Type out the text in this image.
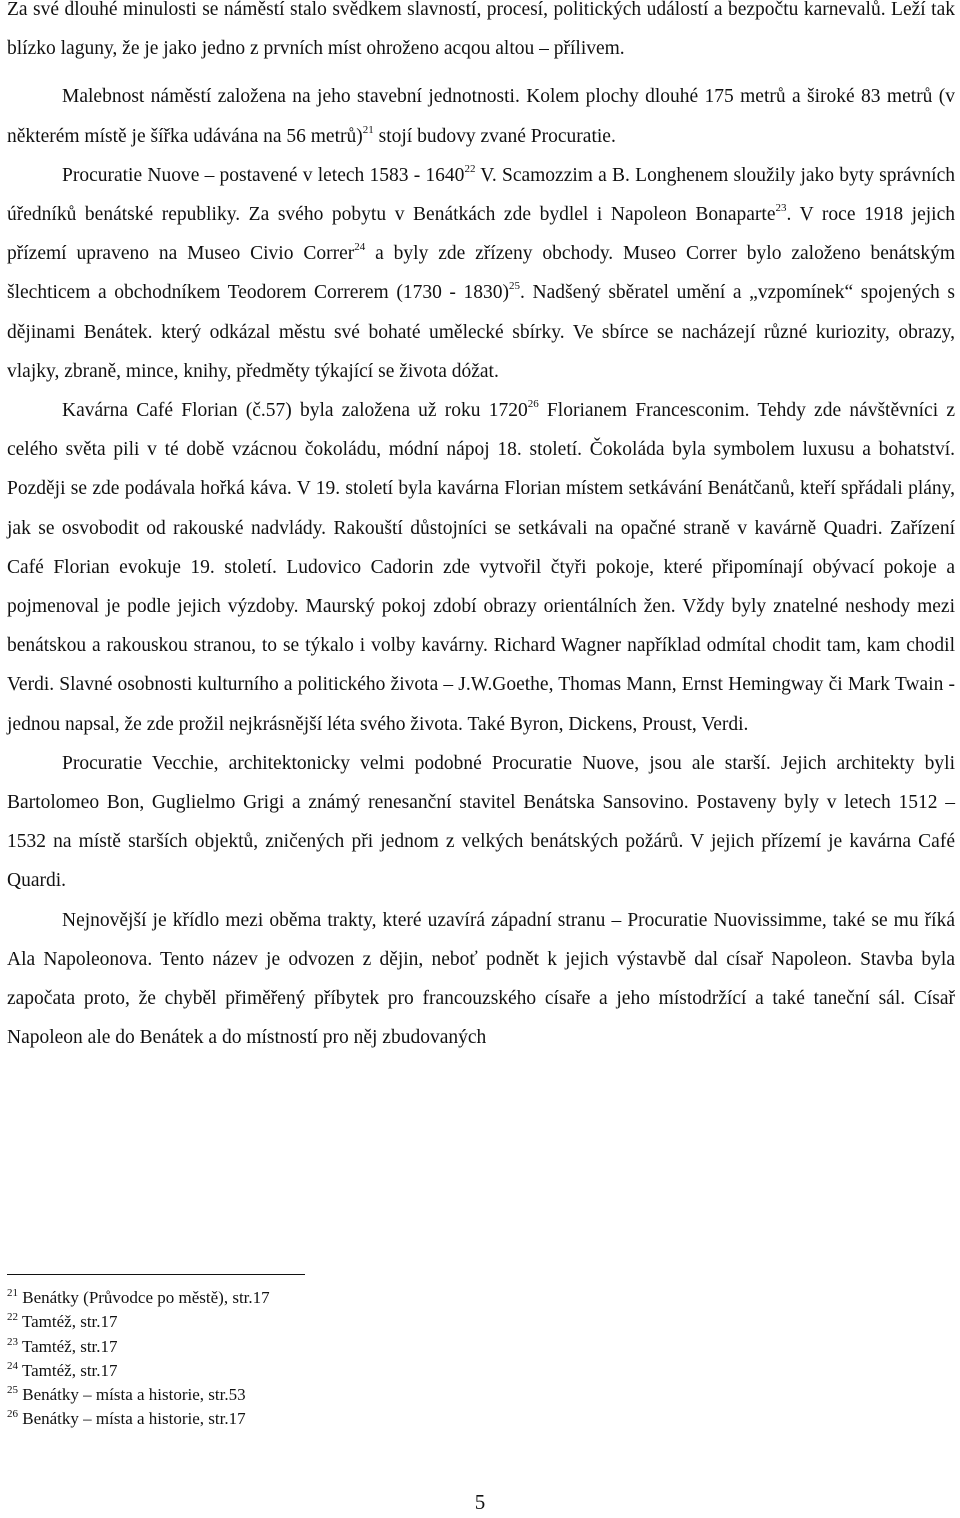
Za své dlouhé minulosti se náměstí stalo svědkem slavností, procesí, politických událostí a bezpočtu karnevalů. Leží tak blízko laguny, že je jako jedno z prvních míst ohroženo acqou altou – přílivem.

Malebnost náměstí založena na jeho stavební jednotnosti. Kolem plochy dlouhé 175 metrů a široké 83 metrů (v některém místě je šířka udávána na 56 metrů)$^{21}$ stojí budovy zvané Procuratie.

Procuratie Nuove – postavené v letech 1583 - 1640$^{22}$ V. Scamozzim a B. Longhenem sloužily jako byty správních úředníků benátské republiky. Za svého pobytu v Benátkách zde bydlel i Napoleon Bonaparte$^{23}$. V roce 1918 jejich přízemí upraveno na Museo Civio Correr$^{24}$ a byly zde zřízeny obchody. Museo Correr bylo založeno benátským šlechticem a obchodníkem Teodorem Correrem (1730 - 1830)$^{25}$. Nadšený sběratel umění a „vzpomínek“ spojených s dějinami Benátek. který odkázal městu své bohaté umělecké sbírky. Ve sbírce se nacházejí různé kuriozity, obrazy, vlajky, zbraně, mince, knihy, předměty týkající se života dóžat.

Kavárna Café Florian (č.57) byla založena už roku 1720$^{26}$ Florianem Francesconim. Tehdy zde návštěvníci z celého světa pili v té době vzácnou čokoládu, módní nápoj 18. století. Čokoláda byla symbolem luxusu a bohatství. Později se zde podávala hořká káva. V 19. století byla kavárna Florian místem setkávání Benátčanů, kteří spřádali plány, jak se osvobodit od rakouské nadvlády. Rakouští důstojníci se setkávali na opačné straně v kavárně Quadri. Zařízení Café Florian evokuje 19. století. Ludovico Cadorin zde vytvořil čtyři pokoje, které připomínají obývací pokoje a pojmenoval je podle jejich výzdoby. Maurský pokoj zdobí obrazy orientálních žen. Vždy byly znatelné neshody mezi benátskou a rakouskou stranou, to se týkalo i volby kavárny. Richard Wagner například odmítal chodit tam, kam chodil Verdi. Slavné osobnosti kulturního a politického života – J.W.Goethe, Thomas Mann, Ernst Hemingway či Mark Twain - jednou napsal, že zde prožil nejkrásnější léta svého života. Také Byron, Dickens, Proust, Verdi.

Procuratie Vecchie, architektonicky velmi podobné Procuratie Nuove, jsou ale starší. Jejich architekty byli Bartolomeo Bon, Guglielmo Grigi a známý renesanční stavitel Benátska Sansovino. Postaveny byly v letech 1512 – 1532 na místě starších objektů, zničených při jednom z velkých benátských požárů. V jejich přízemí je kavárna Café Quardi.

Nejnovější je křídlo mezi oběma trakty, které uzavírá západní stranu – Procuratie Nuovissimme, také se mu říká Ala Napoleonova. Tento název je odvozen z dějin, neboť podnět k jejich výstavbě dal císař Napoleon. Stavba byla započata proto, že chyběl přiměřený příbytek pro francouzského císaře a jeho místodržící a také taneční sál. Císař Napoleon ale do Benátek a do místností pro něj zbudovaných

$^{21}$ Benátky (Průvodce po městě), str.17
$^{22}$ Tamtéž, str.17
$^{23}$ Tamtéž, str.17
$^{24}$ Tamtéž, str.17
$^{25}$ Benátky – místa a historie, str.53
$^{26}$ Benátky – místa a historie, str.17
5
